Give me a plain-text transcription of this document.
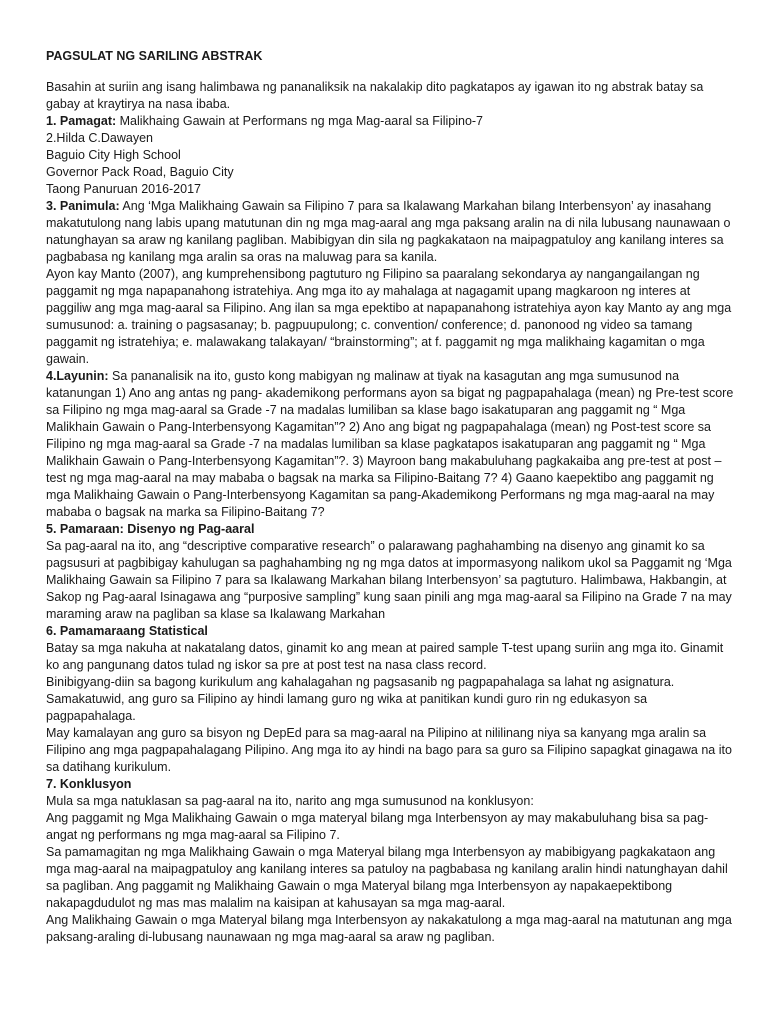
PAGSULAT NG SARILING ABSTRAK

Basahin at suriin ang isang halimbawa ng pananaliksik na nakalakip dito pagkatapos ay igawan ito ng abstrak batay sa gabay at kraytirya na nasa ibaba.

1. Pamagat: Malikhaing Gawain at Performans ng mga Mag-aaral sa Filipino-7

2.Hilda C.Dawayen

Baguio City High School

Governor Pack Road, Baguio City

Taong Panuruan 2016-2017

3. Panimula: Ang ‘Mga Malikhaing Gawain sa Filipino 7 para sa Ikalawang Markahan bilang Interbensyon’ ay inasahang makatutulong nang labis upang matutunan din ng mga mag-aaral ang mga paksang aralin na di nila lubusang naunawaan o natunghayan sa araw ng kanilang pagliban. Mabibigyan din sila ng pagkakataon na maipagpatuloy ang kanilang interes sa pagbabasa ng kanilang mga aralin sa oras na maluwag para sa kanila.

Ayon kay Manto (2007), ang kumprehensibong pagtuturo ng Filipino sa paaralang sekondarya ay nangangailangan ng paggamit ng mga napapanahong istratehiya. Ang mga ito ay mahalaga at nagagamit upang magkaroon ng interes at paggiliw ang mga mag-aaral sa Filipino. Ang ilan sa mga epektibo at napapanahong istratehiya ayon kay Manto ay ang mga sumusunod: a. training o pagsasanay; b. pagpuupulong; c. convention/ conference; d. panonood ng video sa tamang paggamit ng istratehiya; e. malawakang talakayan/ “brainstorming”; at f. paggamit ng mga malikhaing kagamitan o mga gawain.

4.Layunin: Sa pananalisik na ito, gusto kong mabigyan ng malinaw at tiyak na kasagutan ang mga sumusunod na katanungan 1) Ano ang antas ng pang- akademikong performans ayon sa bigat ng pagpapahalaga (mean) ng Pre-test score sa Filipino ng mga mag-aaral sa Grade -7 na madalas lumiliban sa klase bago isakatuparan ang paggamit ng “ Mga Malikhain Gawain o Pang-Interbensyong Kagamitan”? 2) Ano ang bigat ng pagpapahalaga (mean) ng Post-test score sa Filipino ng mga mag-aaral sa Grade -7 na madalas lumiliban sa klase pagkatapos isakatuparan ang paggamit ng “ Mga Malikhain Gawain o Pang-Interbensyong Kagamitan”?. 3) Mayroon bang makabuluhang pagkakaiba ang pre-test at post – test ng mga mag-aaral na may mababa o bagsak na marka sa Filipino-Baitang 7? 4) Gaano kaepektibo ang paggamit ng mga Malikhaing Gawain o Pang-Interbensyong Kagamitan sa pang-Akademikong Performans ng mga mag-aaral na may mababa o bagsak na marka sa Filipino-Baitang 7?

5. Pamaraan: Disenyo ng Pag-aaral

Sa pag-aaral na ito, ang “descriptive comparative research” o palarawang paghahambing na disenyo ang ginamit ko sa pagsusuri at pagbibigay kahulugan sa paghahambing ng ng mga datos at impormasyong nalikom ukol sa Paggamit ng ‘Mga Malikhaing Gawain sa Filipino 7 para sa Ikalawang Markahan bilang Interbensyon’ sa pagtuturo. Halimbawa, Hakbangin, at Sakop ng Pag-aaral Isinagawa ang “purposive sampling” kung saan pinili ang mga mag-aaral sa Filipino na Grade 7 na may maraming araw na pagliban sa klase sa Ikalawang Markahan

6. Pamamaraang Statistical

Batay sa mga nakuha at nakatalang datos, ginamit ko ang mean at paired sample T-test upang suriin ang mga ito. Ginamit ko ang pangunang datos tulad ng iskor sa pre at post test na nasa class record.

Binibigyang-diin sa bagong kurikulum ang kahalagahan ng pagsasanib ng pagpapahalaga sa lahat ng asignatura. Samakatuwid, ang guro sa Filipino ay hindi lamang guro ng wika at panitikan kundi guro rin ng edukasyon sa pagpapahalaga.

May kamalayan ang guro sa bisyon ng DepEd para sa mag-aaral na Pilipino at nililinang niya sa kanyang mga aralin sa Filipino ang mga pagpapahalagang Pilipino. Ang mga ito ay hindi na bago para sa guro sa Filipino sapagkat ginagawa na ito sa datihang kurikulum.

7. Konklusyon

Mula sa mga natuklasan sa pag-aaral na ito, narito ang mga sumusunod na konklusyon:

Ang paggamit ng Mga Malikhaing Gawain o mga materyal bilang mga Interbensyon ay may makabuluhang bisa sa pag-angat ng performans ng mga mag-aaral sa Filipino 7.

Sa pamamagitan ng mga Malikhaing Gawain o mga Materyal bilang mga Interbensyon ay mabibigyang pagkakataon ang mga mag-aaral na maipagpatuloy ang kanilang interes sa patuloy na pagbabasa ng kanilang aralin hindi natunghayan dahil sa pagliban. Ang paggamit ng Malikhaing Gawain o mga Materyal bilang mga Interbensyon ay napakaepektibong nakapagdudulot ng mas mas malalim na kaisipan at kahusayan sa mga mag-aaral.

Ang Malikhaing Gawain o mga Materyal bilang mga Interbensyon ay nakakatulong a mga mag-aaral na matutunan ang mga paksang-araling di-lubusang naunawaan ng mga mag-aaral sa araw ng pagliban.
